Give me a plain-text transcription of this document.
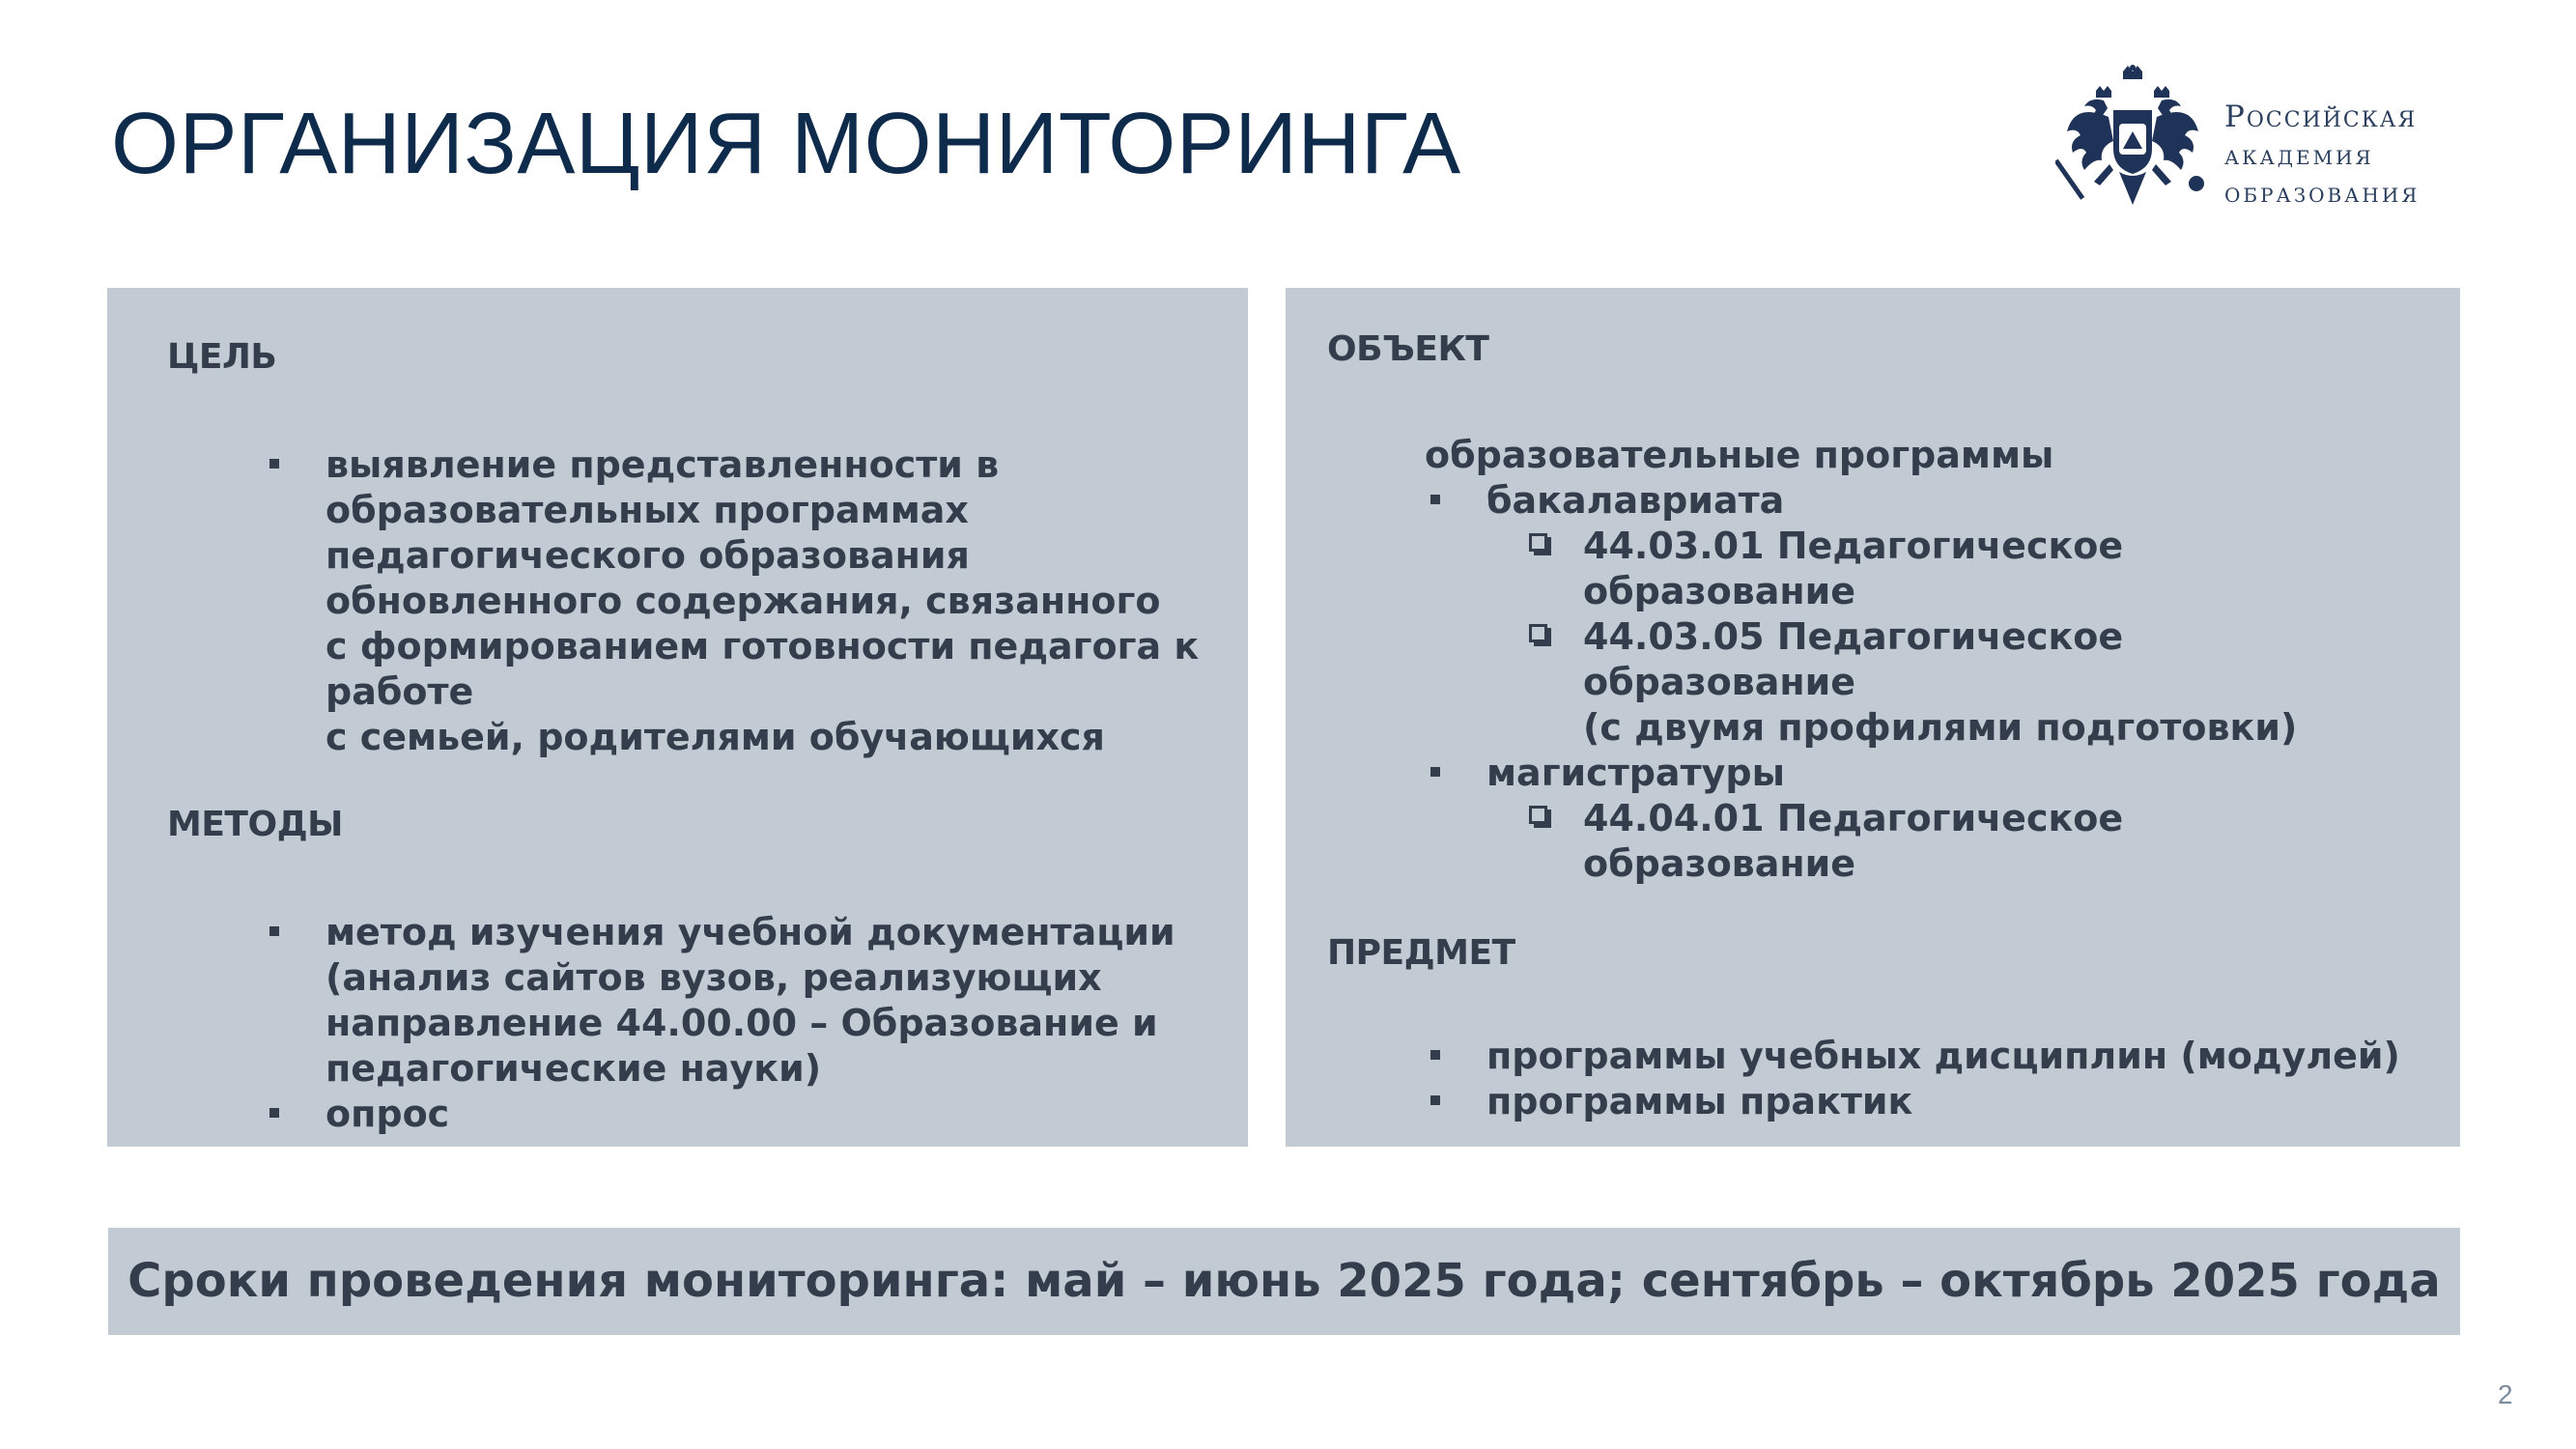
ОРГАНИЗАЦИЯ МОНИТОРИНГА	Российская
академия
образования
ЦЕЛЬ
выявление представленности в
образовательных программах
педагогического образования
обновленного содержания, связанного
с формированием готовности педагога к
работе
с семьей, родителями обучающихся
МЕТОДЫ
метод изучения учебной документации
(анализ сайтов вузов, реализующих
направление 44.00.00 – Образование и
педагогические науки)
опрос
ОБЪЕКТ
образовательные программы
бакалавриата
44.03.01 Педагогическое
образование
44.03.05 Педагогическое
образование
(с двумя профилями подготовки)
магистратуры
44.04.01 Педагогическое
образование
ПРЕДМЕТ
программы учебных дисциплин (модулей)
программы практик
Сроки проведения мониторинга: май – июнь 2025 года; сентябрь – октябрь 2025 года
2
